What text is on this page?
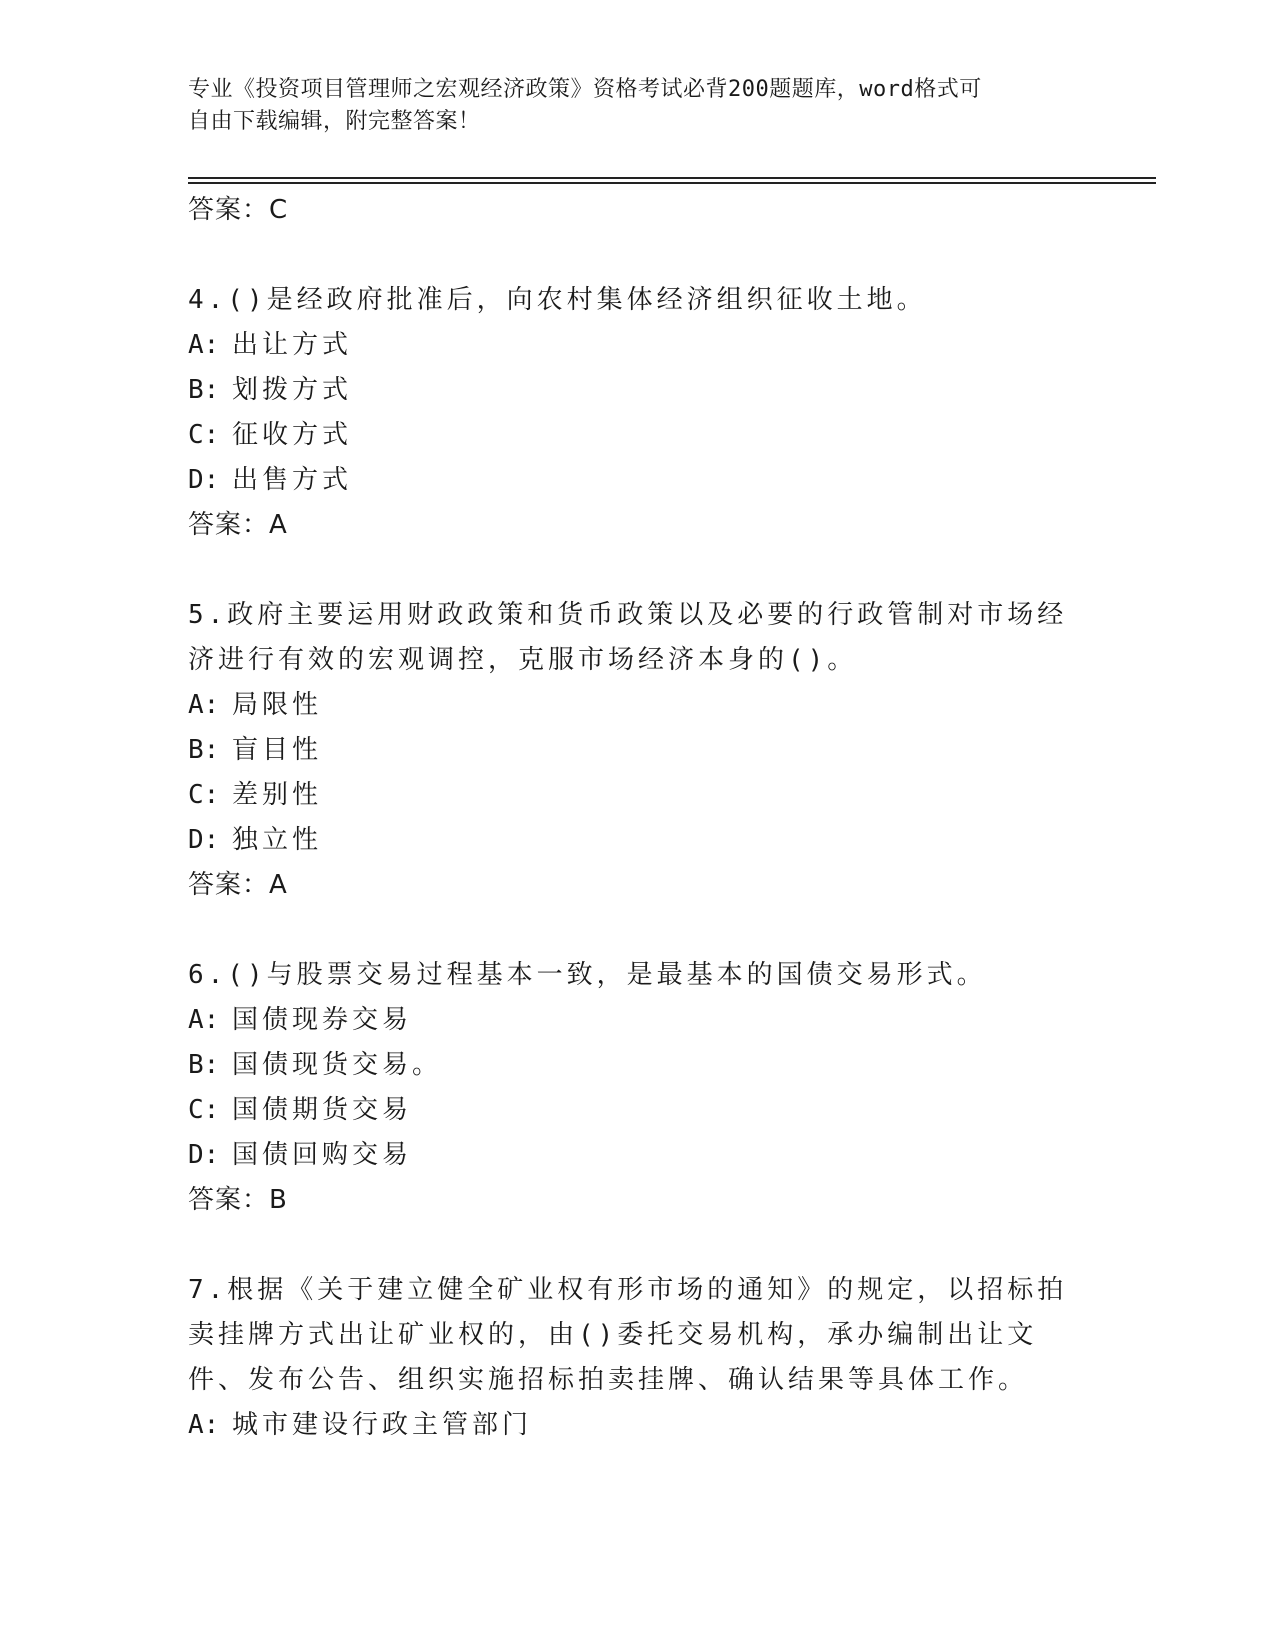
专业《投资项目管理师之宏观经济政策》资格考试必背200题题库，word格式可
自由下载编辑，附完整答案！
答案：C
4.()是经政府批准后，向农村集体经济组织征收土地。
A: 出让方式
B: 划拨方式
C: 征收方式
D: 出售方式
答案：A
5.政府主要运用财政政策和货币政策以及必要的行政管制对市场经济进行有效的宏观调控，克服市场经济本身的()。
A: 局限性
B: 盲目性
C: 差别性
D: 独立性
答案：A
6.()与股票交易过程基本一致，是最基本的国债交易形式。
A: 国债现券交易
B: 国债现货交易。
C: 国债期货交易
D: 国债回购交易
答案：B
7.根据《关于建立健全矿业权有形市场的通知》的规定，以招标拍卖挂牌方式出让矿业权的，由()委托交易机构，承办编制出让文件、发布公告、组织实施招标拍卖挂牌、确认结果等具体工作。
A: 城市建设行政主管部门
